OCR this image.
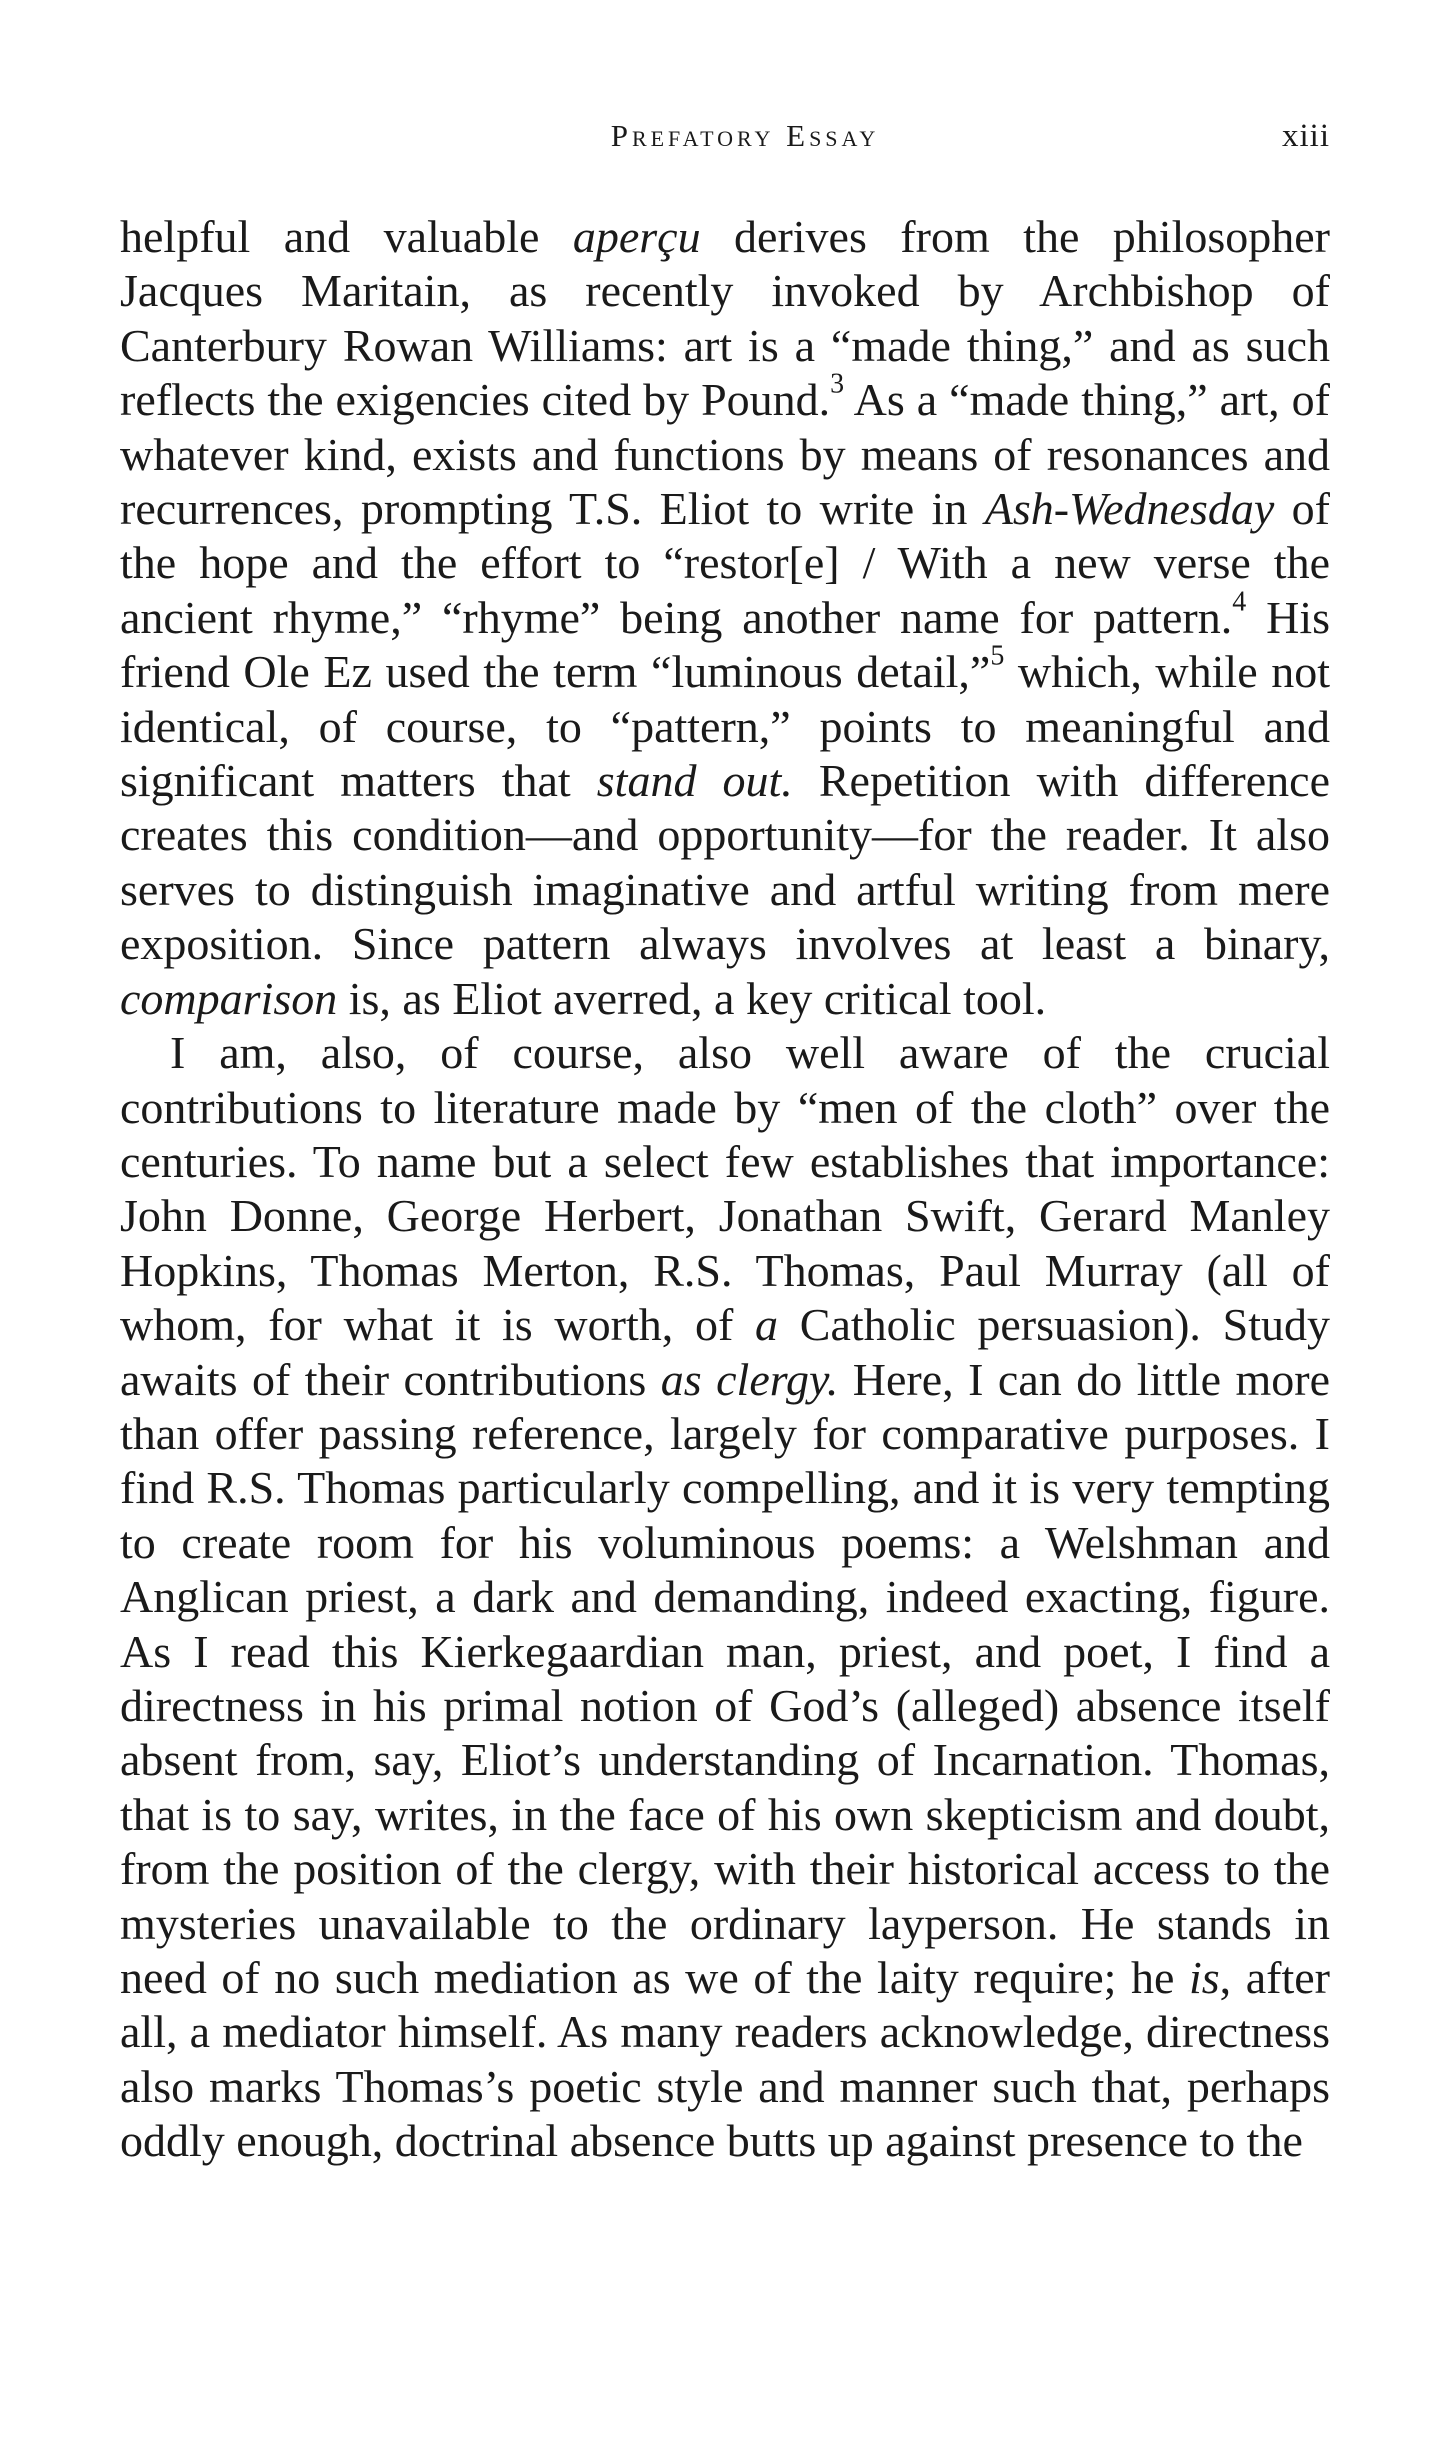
Prefatory Essay	xiii

helpful and valuable aperçu derives from the philosopher Jacques Maritain, as recently invoked by Archbishop of Canterbury Rowan Williams: art is a “made thing,” and as such reflects the exigencies cited by Pound.$^3$ As a “made thing,” art, of whatever kind, exists and functions by means of resonances and recurrences, prompting T.S. Eliot to write in Ash-Wednesday of the hope and the effort to “restor[e] / With a new verse the ancient rhyme,” “rhyme” being another name for pattern.$^4$ His friend Ole Ez used the term “luminous detail,”$^5$ which, while not identical, of course, to “pattern,” points to meaningful and significant matters that stand out. Repetition with difference creates this condition—and opportunity—for the reader. It also serves to distinguish imaginative and artful writing from mere exposition. Since pattern always involves at least a binary, comparison is, as Eliot averred, a key critical tool.

I am, also, of course, also well aware of the crucial contributions to literature made by “men of the cloth” over the centuries. To name but a select few establishes that importance: John Donne, George Herbert, Jonathan Swift, Gerard Manley Hopkins, Thomas Merton, R.S. Thomas, Paul Murray (all of whom, for what it is worth, of a Catholic persuasion). Study awaits of their contributions as clergy. Here, I can do little more than offer passing reference, largely for comparative purposes. I find R.S. Thomas particularly compelling, and it is very tempting to create room for his voluminous poems: a Welshman and Anglican priest, a dark and demanding, indeed exacting, figure. As I read this Kierkegaardian man, priest, and poet, I find a directness in his primal notion of God’s (alleged) absence itself absent from, say, Eliot’s understanding of Incarnation. Thomas, that is to say, writes, in the face of his own skepticism and doubt, from the position of the clergy, with their historical access to the mysteries unavailable to the ordinary layperson. He stands in need of no such mediation as we of the laity require; he is, after all, a mediator himself. As many readers acknowledge, directness also marks Thomas’s poetic style and manner such that, perhaps oddly enough, doctrinal absence butts up against presence to the
